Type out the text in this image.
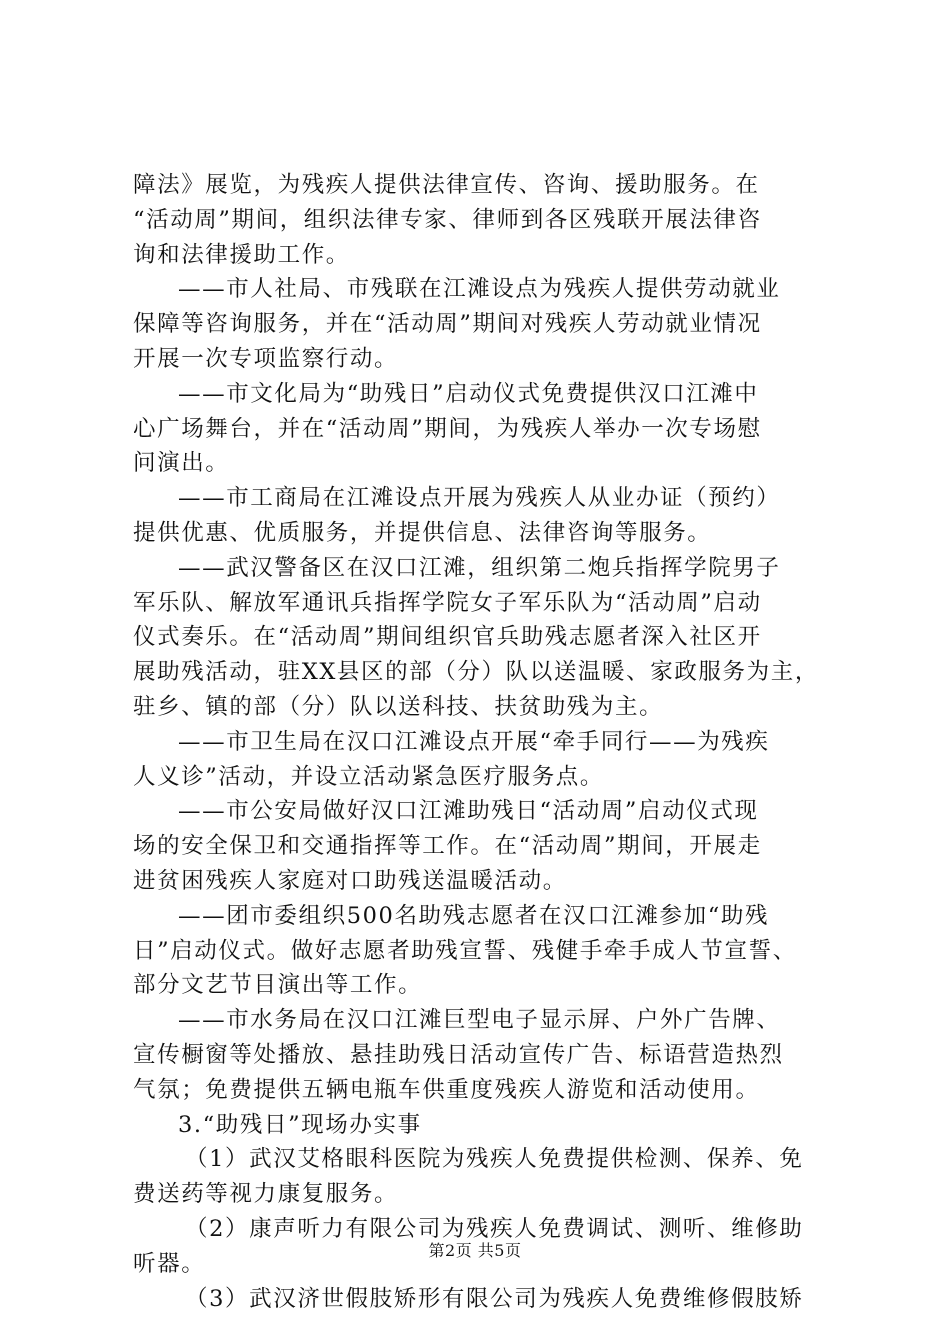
障法》展览，为残疾人提供法律宣传、咨询、援助服务。在
“活动周”期间，组织法律专家、律师到各区残联开展法律咨
询和法律援助工作。
——市人社局、市残联在江滩设点为残疾人提供劳动就业
保障等咨询服务，并在“活动周”期间对残疾人劳动就业情况
开展一次专项监察行动。
——市文化局为“助残日”启动仪式免费提供汉口江滩中
心广场舞台，并在“活动周”期间，为残疾人举办一次专场慰
问演出。
——市工商局在江滩设点开展为残疾人从业办证（预约）
提供优惠、优质服务，并提供信息、法律咨询等服务。
——武汉警备区在汉口江滩，组织第二炮兵指挥学院男子
军乐队、解放军通讯兵指挥学院女子军乐队为“活动周”启动
仪式奏乐。在“活动周”期间组织官兵助残志愿者深入社区开
展助残活动，驻XX县区的部（分）队以送温暖、家政服务为主，
驻乡、镇的部（分）队以送科技、扶贫助残为主。
——市卫生局在汉口江滩设点开展“牵手同行——为残疾
人义诊”活动，并设立活动紧急医疗服务点。
——市公安局做好汉口江滩助残日“活动周”启动仪式现
场的安全保卫和交通指挥等工作。在“活动周”期间，开展走
进贫困残疾人家庭对口助残送温暖活动。
——团市委组织500名助残志愿者在汉口江滩参加“助残
日”启动仪式。做好志愿者助残宣誓、残健手牵手成人节宣誓、
部分文艺节目演出等工作。
——市水务局在汉口江滩巨型电子显示屏、户外广告牌、
宣传橱窗等处播放、悬挂助残日活动宣传广告、标语营造热烈
气氛；免费提供五辆电瓶车供重度残疾人游览和活动使用。
3.“助残日”现场办实事
（1）武汉艾格眼科医院为残疾人免费提供检测、保养、免
费送药等视力康复服务。
（2）康声听力有限公司为残疾人免费调试、测听、维修助
听器。
（3）武汉济世假肢矫形有限公司为残疾人免费维修假肢矫
第2页 共5页
